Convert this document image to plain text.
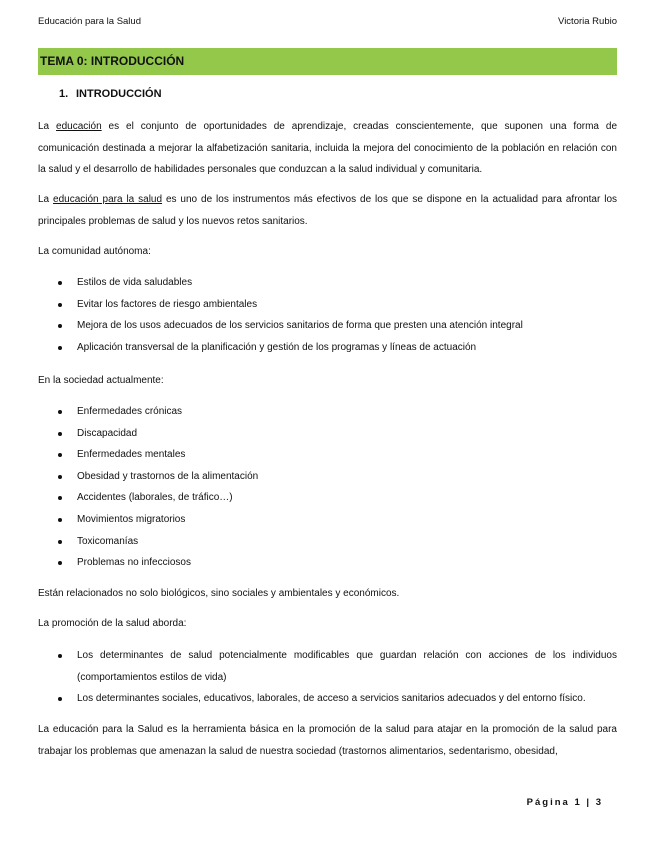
Educación para la Salud	Victoria Rubio
TEMA 0: INTRODUCCIÓN
1. INTRODUCCIÓN
La educación es el conjunto de oportunidades de aprendizaje, creadas conscientemente, que suponen una forma de comunicación destinada a mejorar la alfabetización sanitaria, incluida la mejora del conocimiento de la población en relación con la salud y el desarrollo de habilidades personales que conduzcan a la salud individual y comunitaria.
La educación para la salud es uno de los instrumentos más efectivos de los que se dispone en la actualidad para afrontar los principales problemas de salud y los nuevos retos sanitarios.
La comunidad autónoma:
Estilos de vida saludables
Evitar los factores de riesgo ambientales
Mejora de los usos adecuados de los servicios sanitarios de forma que presten una atención integral
Aplicación transversal de la planificación y gestión de los programas y líneas de actuación
En la sociedad actualmente:
Enfermedades crónicas
Discapacidad
Enfermedades mentales
Obesidad y trastornos de la alimentación
Accidentes (laborales, de tráfico…)
Movimientos migratorios
Toxicomanías
Problemas no infecciosos
Están relacionados no solo biológicos, sino sociales y ambientales y económicos.
La promoción de la salud aborda:
Los determinantes de salud potencialmente modificables que guardan relación con acciones de los individuos (comportamientos estilos de vida)
Los determinantes sociales, educativos, laborales, de acceso a servicios sanitarios adecuados y del entorno físico.
La educación para la Salud es la herramienta básica en la promoción de la salud para atajar en la promoción de la salud para trabajar los problemas que amenazan la salud de nuestra sociedad (trastornos alimentarios, sedentarismo, obesidad,
Página 1 | 3
